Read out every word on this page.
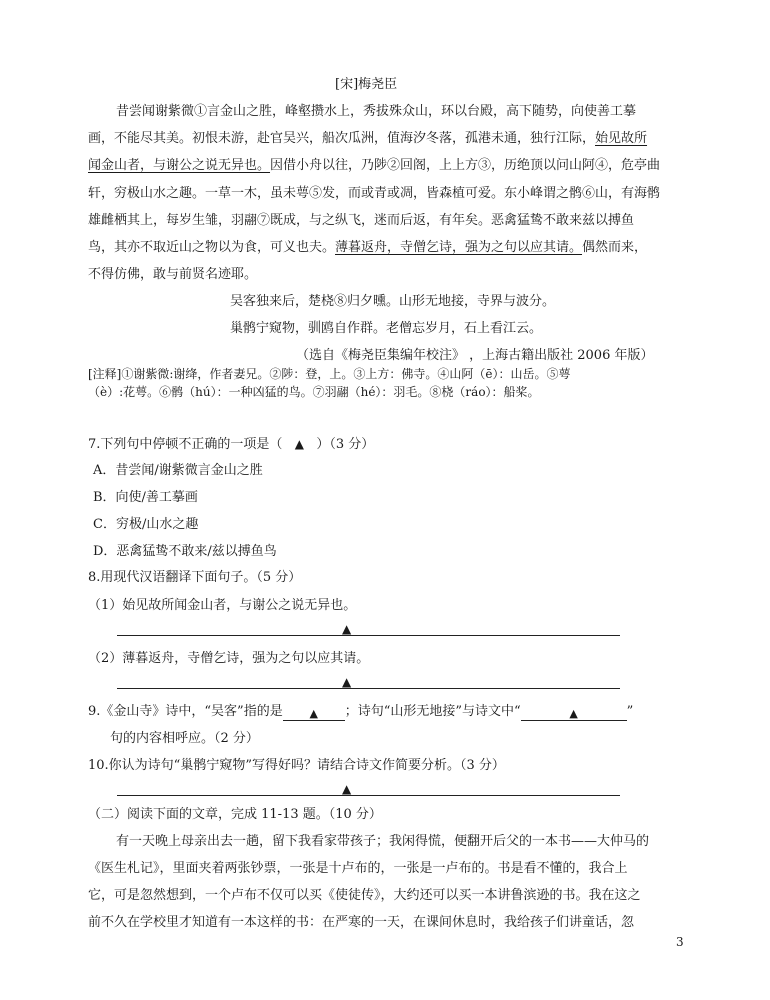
[宋]梅尧臣
昔尝闻谢紫微①言金山之胜，峰壑攒水上，秀拔殊众山，环以台殿，高下随势，向使善工摹
画，不能尽其美。初恨未游，赴官吴兴，船次瓜洲，值海汐冬落，孤港未通，独行江际，始见故所
闻金山者，与谢公之说无异也。因借小舟以往，乃陟②回阁，上上方③，历绝顶以问山阿④，危亭曲
轩，穷极山水之趣。一草一木，虽未萼⑤发，而或青或凋，皆森植可爱。东小峰谓之鹘⑥山，有海鹘
雄雌栖其上，每岁生雏，羽翮⑦既成，与之纵飞，迷而后返，有年矣。恶禽猛鸷不敢来兹以搏鱼
鸟，其亦不取近山之物以为食，可义也夫。薄暮返舟，寺僧乞诗，强为之句以应其请。偶然而来，
不得仿佛，敢与前贤名迹耶。
吴客独来后，楚桡⑧归夕曛。山形无地接，寺界与波分。
巢鹘宁窥物，驯鸥自作群。老僧忘岁月，石上看江云。
（选自《梅尧臣集编年校注》 ，上海古籍出版社 2006 年版）
[注释]①谢紫微:谢绛，作者妻兄。②陟：登，上。③上方：佛寺。④山阿（ē）：山岳。⑤萼
（è）:花萼。⑥鹘（hú）：一种凶猛的鸟。⑦羽翮（hé）：羽毛。⑧桡（ráo）：船桨。
7.下列句中停顿不正确的一项是（ ▲ ）（3 分）
A．昔尝闻/谢紫微言金山之胜
B．向使/善工摹画
C．穷极/山水之趣
D．恶禽猛鸷不敢来/兹以搏鱼鸟
8.用现代汉语翻译下面句子。（5 分）
（1）始见故所闻金山者，与谢公之说无异也。
▲
（2）薄暮返舟，寺僧乞诗，强为之句以应其请。
▲
9.《金山寺》诗中，“吴客”指的是 ▲ ；诗句“山形无地接”与诗文中“	▲	”
句的内容相呼应。（2 分）
10.你认为诗句“巢鹘宁窥物”写得好吗？请结合诗文作简要分析。（3 分）
▲
（二）阅读下面的文章，完成 11-13 题。（10 分）
有一天晚上母亲出去一趟，留下我看家带孩子；我闲得慌，便翻开后父的一本书——大仲马的
《医生札记》，里面夹着两张钞票，一张是十卢布的，一张是一卢布的。书是看不懂的，我合上
它，可是忽然想到，一个卢布不仅可以买《使徒传》，大约还可以买一本讲鲁滨逊的书。我在这之
前不久在学校里才知道有一本这样的书：在严寒的一天，在课间休息时，我给孩子们讲童话，忽
3
